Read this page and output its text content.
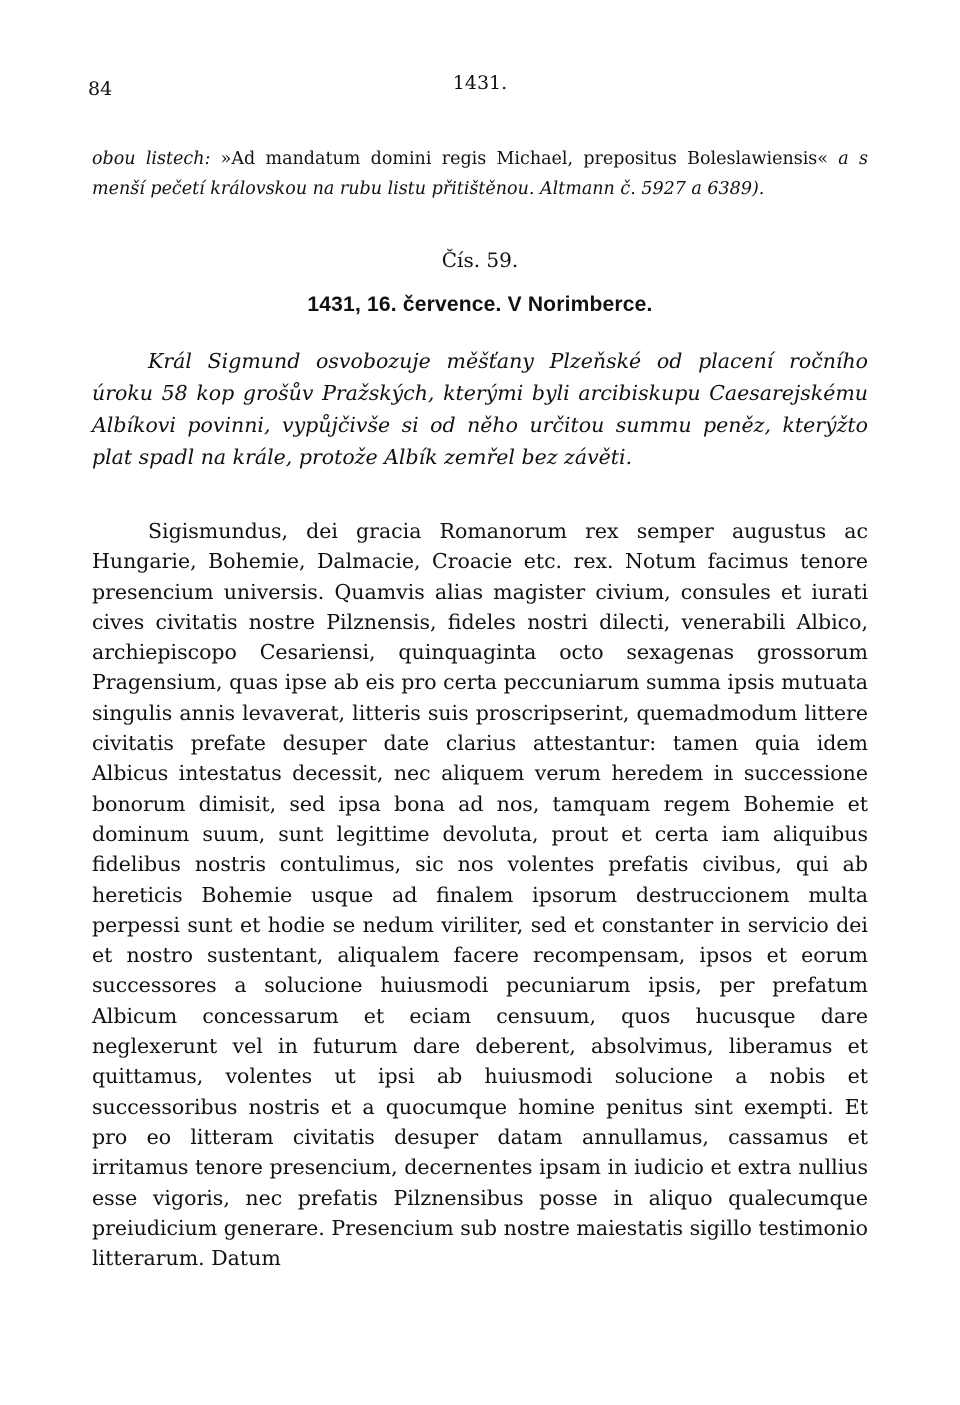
84	1431.
obou listech: »Ad mandatum domini regis Michael, prepositus Boleslawiensis« a s menší pečetí královskou na rubu listu přitištěnou. Altmann č. 5927 a 6389).
Čís. 59.
1431, 16. července. V Norimberce.

Král Sigmund osvobozuje měšťany Plzeňské od placení ročního úroku 58 kop grošův Pražských, kterými byli arcibiskupu Caesarejskému Albíkovi povinni, vypůjčivše si od něho určitou summu peněz, kterýžto plat spadl na krále, protože Albík zemřel bez závěti.

Sigismundus, dei gracia Romanorum rex semper augustus ac Hungarie, Bohemie, Dalmacie, Croacie etc. rex. Notum facimus tenore presencium universis. Quamvis alias magister civium, consules et iurati cives civitatis nostre Pilznensis, fideles nostri dilecti, venerabili Albico, archiepiscopo Cesariensi, quinquaginta octo sexagenas grossorum Pragensium, quas ipse ab eis pro certa peccuniarum summa ipsis mutuata singulis annis levaverat, litteris suis proscripserint, quemadmodum littere civitatis prefate desuper date clarius attestantur: tamen quia idem Albicus intestatus decessit, nec aliquem verum heredem in successione bonorum dimisit, sed ipsa bona ad nos, tamquam regem Bohemie et dominum suum, sunt legittime devoluta, prout et certa iam aliquibus fidelibus nostris contulimus, sic nos volentes prefatis civibus, qui ab hereticis Bohemie usque ad finalem ipsorum destruccionem multa perpessi sunt et hodie se nedum viriliter, sed et constanter in servicio dei et nostro sustentant, aliqualem facere recompensam, ipsos et eorum successores a solucione huiusmodi pecuniarum ipsis, per prefatum Albicum concessarum et eciam censuum, quos hucusque dare neglexerunt vel in futurum dare deberent, absolvimus, liberamus et quittamus, volentes ut ipsi ab huiusmodi solucione a nobis et successoribus nostris et a quocumque homine penitus sint exempti. Et pro eo litteram civitatis desuper datam annullamus, cassamus et irritamus tenore presencium, decernentes ipsam in iudicio et extra nullius esse vigoris, nec prefatis Pilznensibus posse in aliquo qualecumque preiudicium generare. Presencium sub nostre maiestatis sigillo testimonio litterarum. Datum
